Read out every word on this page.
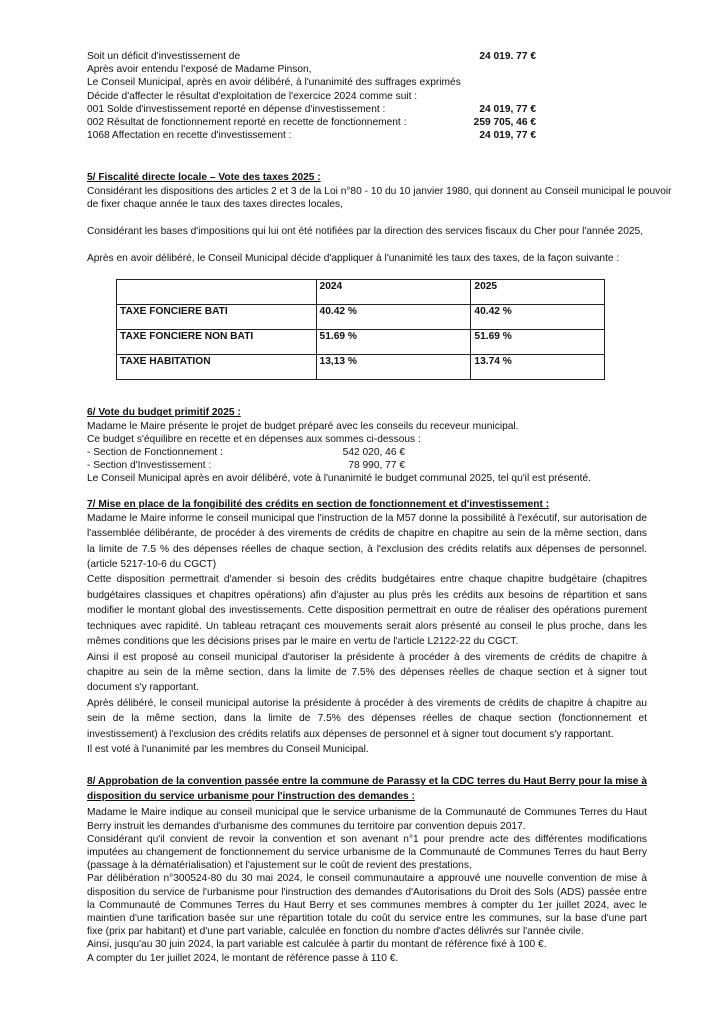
Soit un déficit d'investissement de	24 019. 77 €
Après avoir entendu l'exposé de Madame Pinson,
Le Conseil Municipal, après en avoir délibéré, à l'unanimité des suffrages exprimés
Décide d'affecter le résultat d'exploitation de l'exercice 2024 comme suit :
001 Solde d'investissement reporté en dépense d'investissement :	24 019, 77 €
002 Résultat de fonctionnement reporté en recette de fonctionnement :	259 705, 46 €
1068 Affectation en recette d'investissement :	24 019, 77 €
5/ Fiscalité directe locale – Vote des taxes 2025 :
Considérant les dispositions des articles 2 et 3 de la Loi n°80 - 10 du 10 janvier 1980, qui donnent au Conseil municipal le pouvoir
de fixer chaque année le taux des taxes directes locales,
Considérant les bases d'impositions qui lui ont été notifiées par la direction des services fiscaux du Cher pour l'année 2025,
Après en avoir délibéré, le Conseil Municipal décide d'appliquer à l'unanimité les taux des taxes, de la façon suivante :
	2024	2025
TAXE FONCIERE BATI	40.42 %	40.42 %
TAXE FONCIERE NON BATI	51.69 %	51.69 %
TAXE HABITATION	13,13 %	13.74 %
6/ Vote du budget primitif 2025 :
Madame le Maire présente le projet de budget préparé avec les conseils du receveur municipal.
Ce budget s'équilibre en recette et en dépenses aux sommes ci-dessous :
- Section de Fonctionnement :	542 020, 46 €
- Section d'Investissement :	78 990, 77 €
Le Conseil Municipal après en avoir délibéré, vote à l'unanimité le budget communal 2025, tel qu'il est présenté.
7/ Mise en place de la fongibilité des crédits en section de fonctionnement et d'investissement :
Madame le Maire informe le conseil municipal que l'instruction de la M57 donne la possibilité à l'exécutif, sur autorisation de l'assemblée délibérante, de procéder à des virements de crédits de chapitre en chapitre au sein de la même section, dans la limite de 7.5 % des dépenses réelles de chaque section, à l'exclusion des crédits relatifs aux dépenses de personnel. (article 5217-10-6 du CGCT)
Cette disposition permettrait d'amender si besoin des crédits budgétaires entre chaque chapitre budgétaire (chapitres budgétaires classiques et chapitres opérations) afin d'ajuster au plus près les crédits aux besoins de répartition et sans modifier le montant global des investissements. Cette disposition permettrait en outre de réaliser des opérations purement techniques avec rapidité. Un tableau retraçant ces mouvements serait alors présenté au conseil le plus proche, dans les mêmes conditions que les décisions prises par le maire en vertu de l'article L2122-22 du CGCT.
Ainsi il est proposé au conseil municipal d'autoriser la présidente à procéder à des virements de crédits de chapitre à chapitre au sein de la même section, dans la limite de 7.5% des dépenses réelles de chaque section et à signer tout document s'y rapportant.
Après délibéré, le conseil municipal autorise la présidente à procéder à des virements de crédits de chapitre à chapitre au sein de la même section, dans la limite de 7.5% des dépenses réelles de chaque section (fonctionnement et investissement) à l'exclusion des crédits relatifs aux dépenses de personnel et à signer tout document s'y rapportant.
Il est voté à l'unanimité par les membres du Conseil Municipal.
8/ Approbation de la convention passée entre la commune de Parassy et la CDC terres du Haut Berry pour la mise à disposition du service urbanisme pour l'instruction des demandes :
Madame le Maire indique au conseil municipal que le service urbanisme de la Communauté de Communes Terres du Haut Berry instruit les demandes d'urbanisme des communes du territoire par convention depuis 2017.
Considérant qu'il convient de revoir la convention et son avenant n°1 pour prendre acte des différentes modifications imputées au changement de fonctionnement du service urbanisme de la Communauté de Communes Terres du haut Berry (passage à la dématérialisation) et l'ajustement sur le coût de revient des prestations,
Par délibération n°300524-80 du 30 mai 2024, le conseil communautaire a approuvé une nouvelle convention de mise à disposition du service de l'urbanisme pour l'instruction des demandes d'Autorisations du Droit des Sols (ADS) passée entre la Communauté de Communes Terres du Haut Berry et ses communes membres à compter du 1er juillet 2024, avec le maintien d'une tarification basée sur une répartition totale du coût du service entre les communes, sur la base d'une part fixe (prix par habitant) et d'une part variable, calculée en fonction du nombre d'actes délivrés sur l'année civile.
Ainsi, jusqu'au 30 juin 2024, la part variable est calculée à partir du montant de référence fixé à 100 €.
A compter du 1er juillet 2024, le montant de référence passe à 110 €.
